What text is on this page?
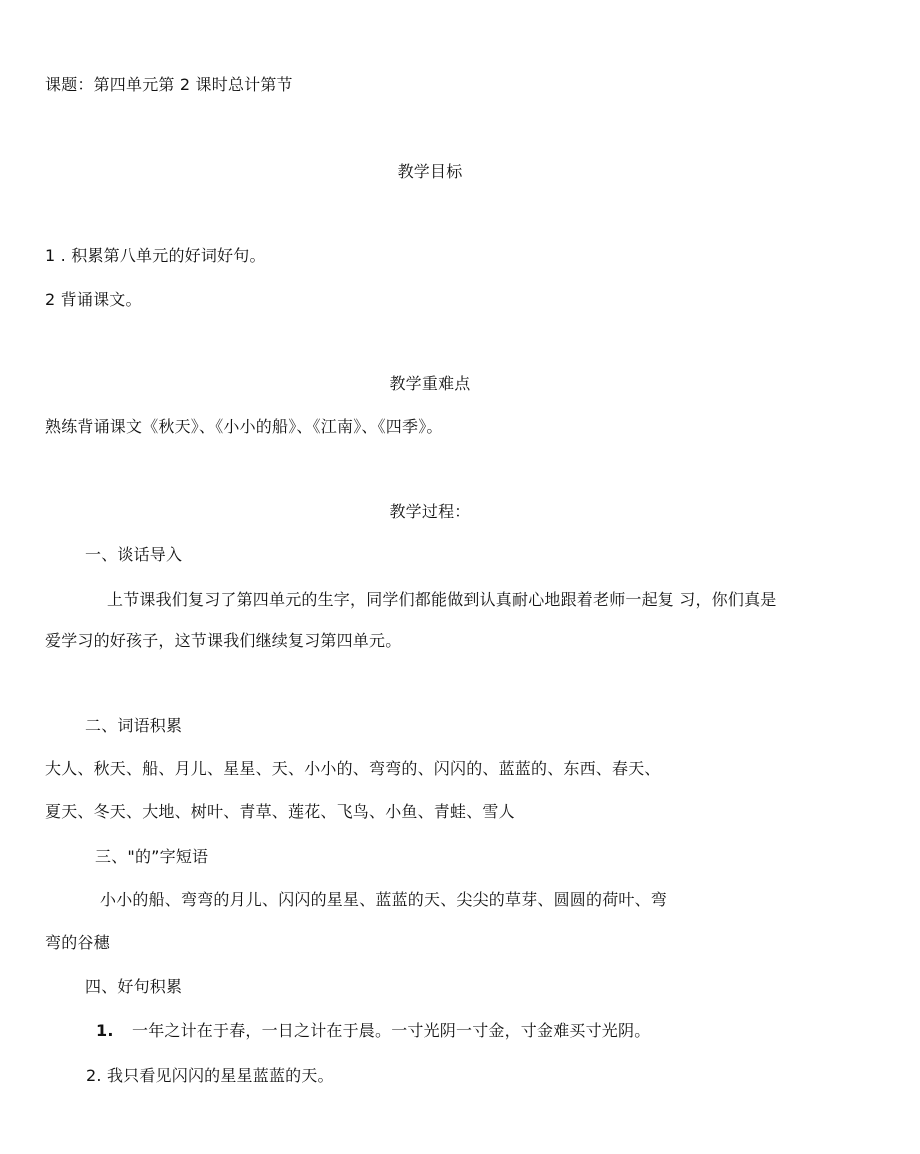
课题：第四单元第 2 课时总计第节
教学目标
1 . 积累第八单元的好词好句。
2 背诵课文。
教学重难点
熟练背诵课文《秋天》、《小小的船》、《江南》、《四季》。
教学过程：
一、谈话导入
上节课我们复习了第四单元的生字，同学们都能做到认真耐心地跟着老师一起复 习，你们真是
爱学习的好孩子，这节课我们继续复习第四单元。
二、词语积累
大人、秋天、船、月儿、星星、天、小小的、弯弯的、闪闪的、蓝蓝的、东西、春天、
夏天、冬天、大地、树叶、青草、莲花、飞鸟、小鱼、青蛙、雪人
三、"的”字短语
小小的船、弯弯的月儿、闪闪的星星、蓝蓝的天、尖尖的草芽、圆圆的荷叶、弯
弯的谷穗
四、好句积累
1. 一年之计在于春，一日之计在于晨。一寸光阴一寸金，寸金难买寸光阴。
2. 我只看见闪闪的星星蓝蓝的天。
